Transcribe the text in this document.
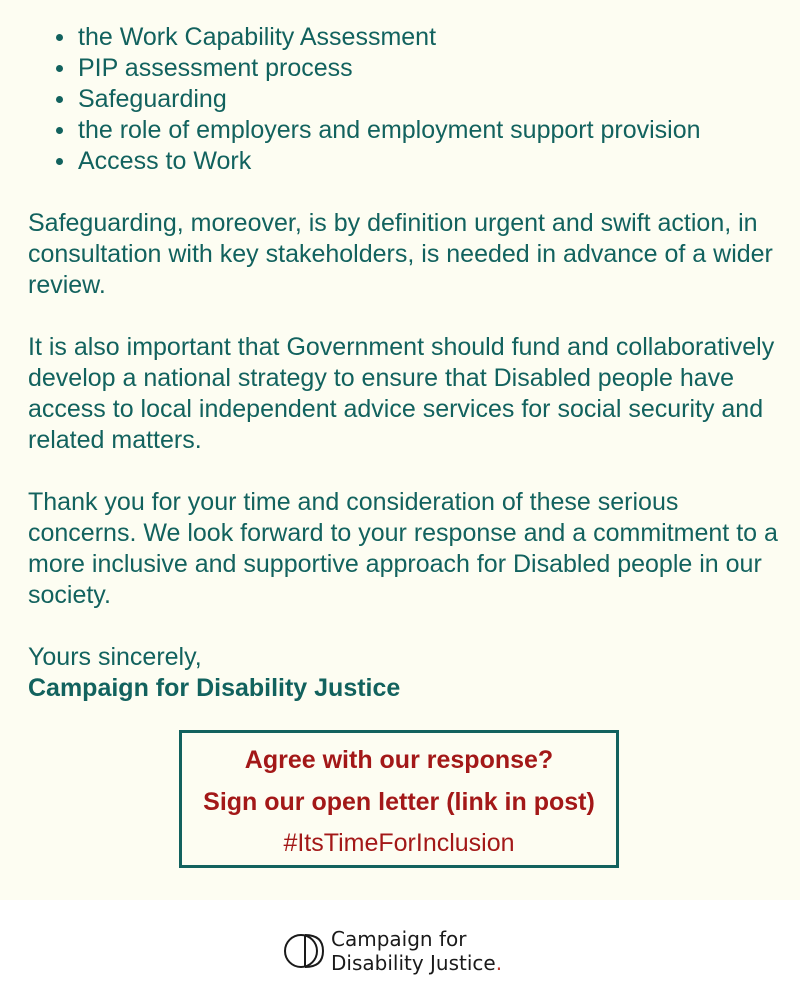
the Work Capability Assessment
PIP assessment process
Safeguarding
the role of employers and employment support provision
Access to Work

Safeguarding, moreover, is by definition urgent and swift action, in consultation with key stakeholders, is needed in advance of a wider review.

It is also important that Government should fund and collaboratively develop a national strategy to ensure that Disabled people have access to local independent advice services for social security and related matters.

Thank you for your time and consideration of these serious concerns. We look forward to your response and a commitment to a more inclusive and supportive approach for Disabled people in our society.

Yours sincerely,
Campaign for Disability Justice
Agree with our response?
Sign our open letter (link in post)
#ItsTimeForInclusion
Campaign for
Disability Justice.
